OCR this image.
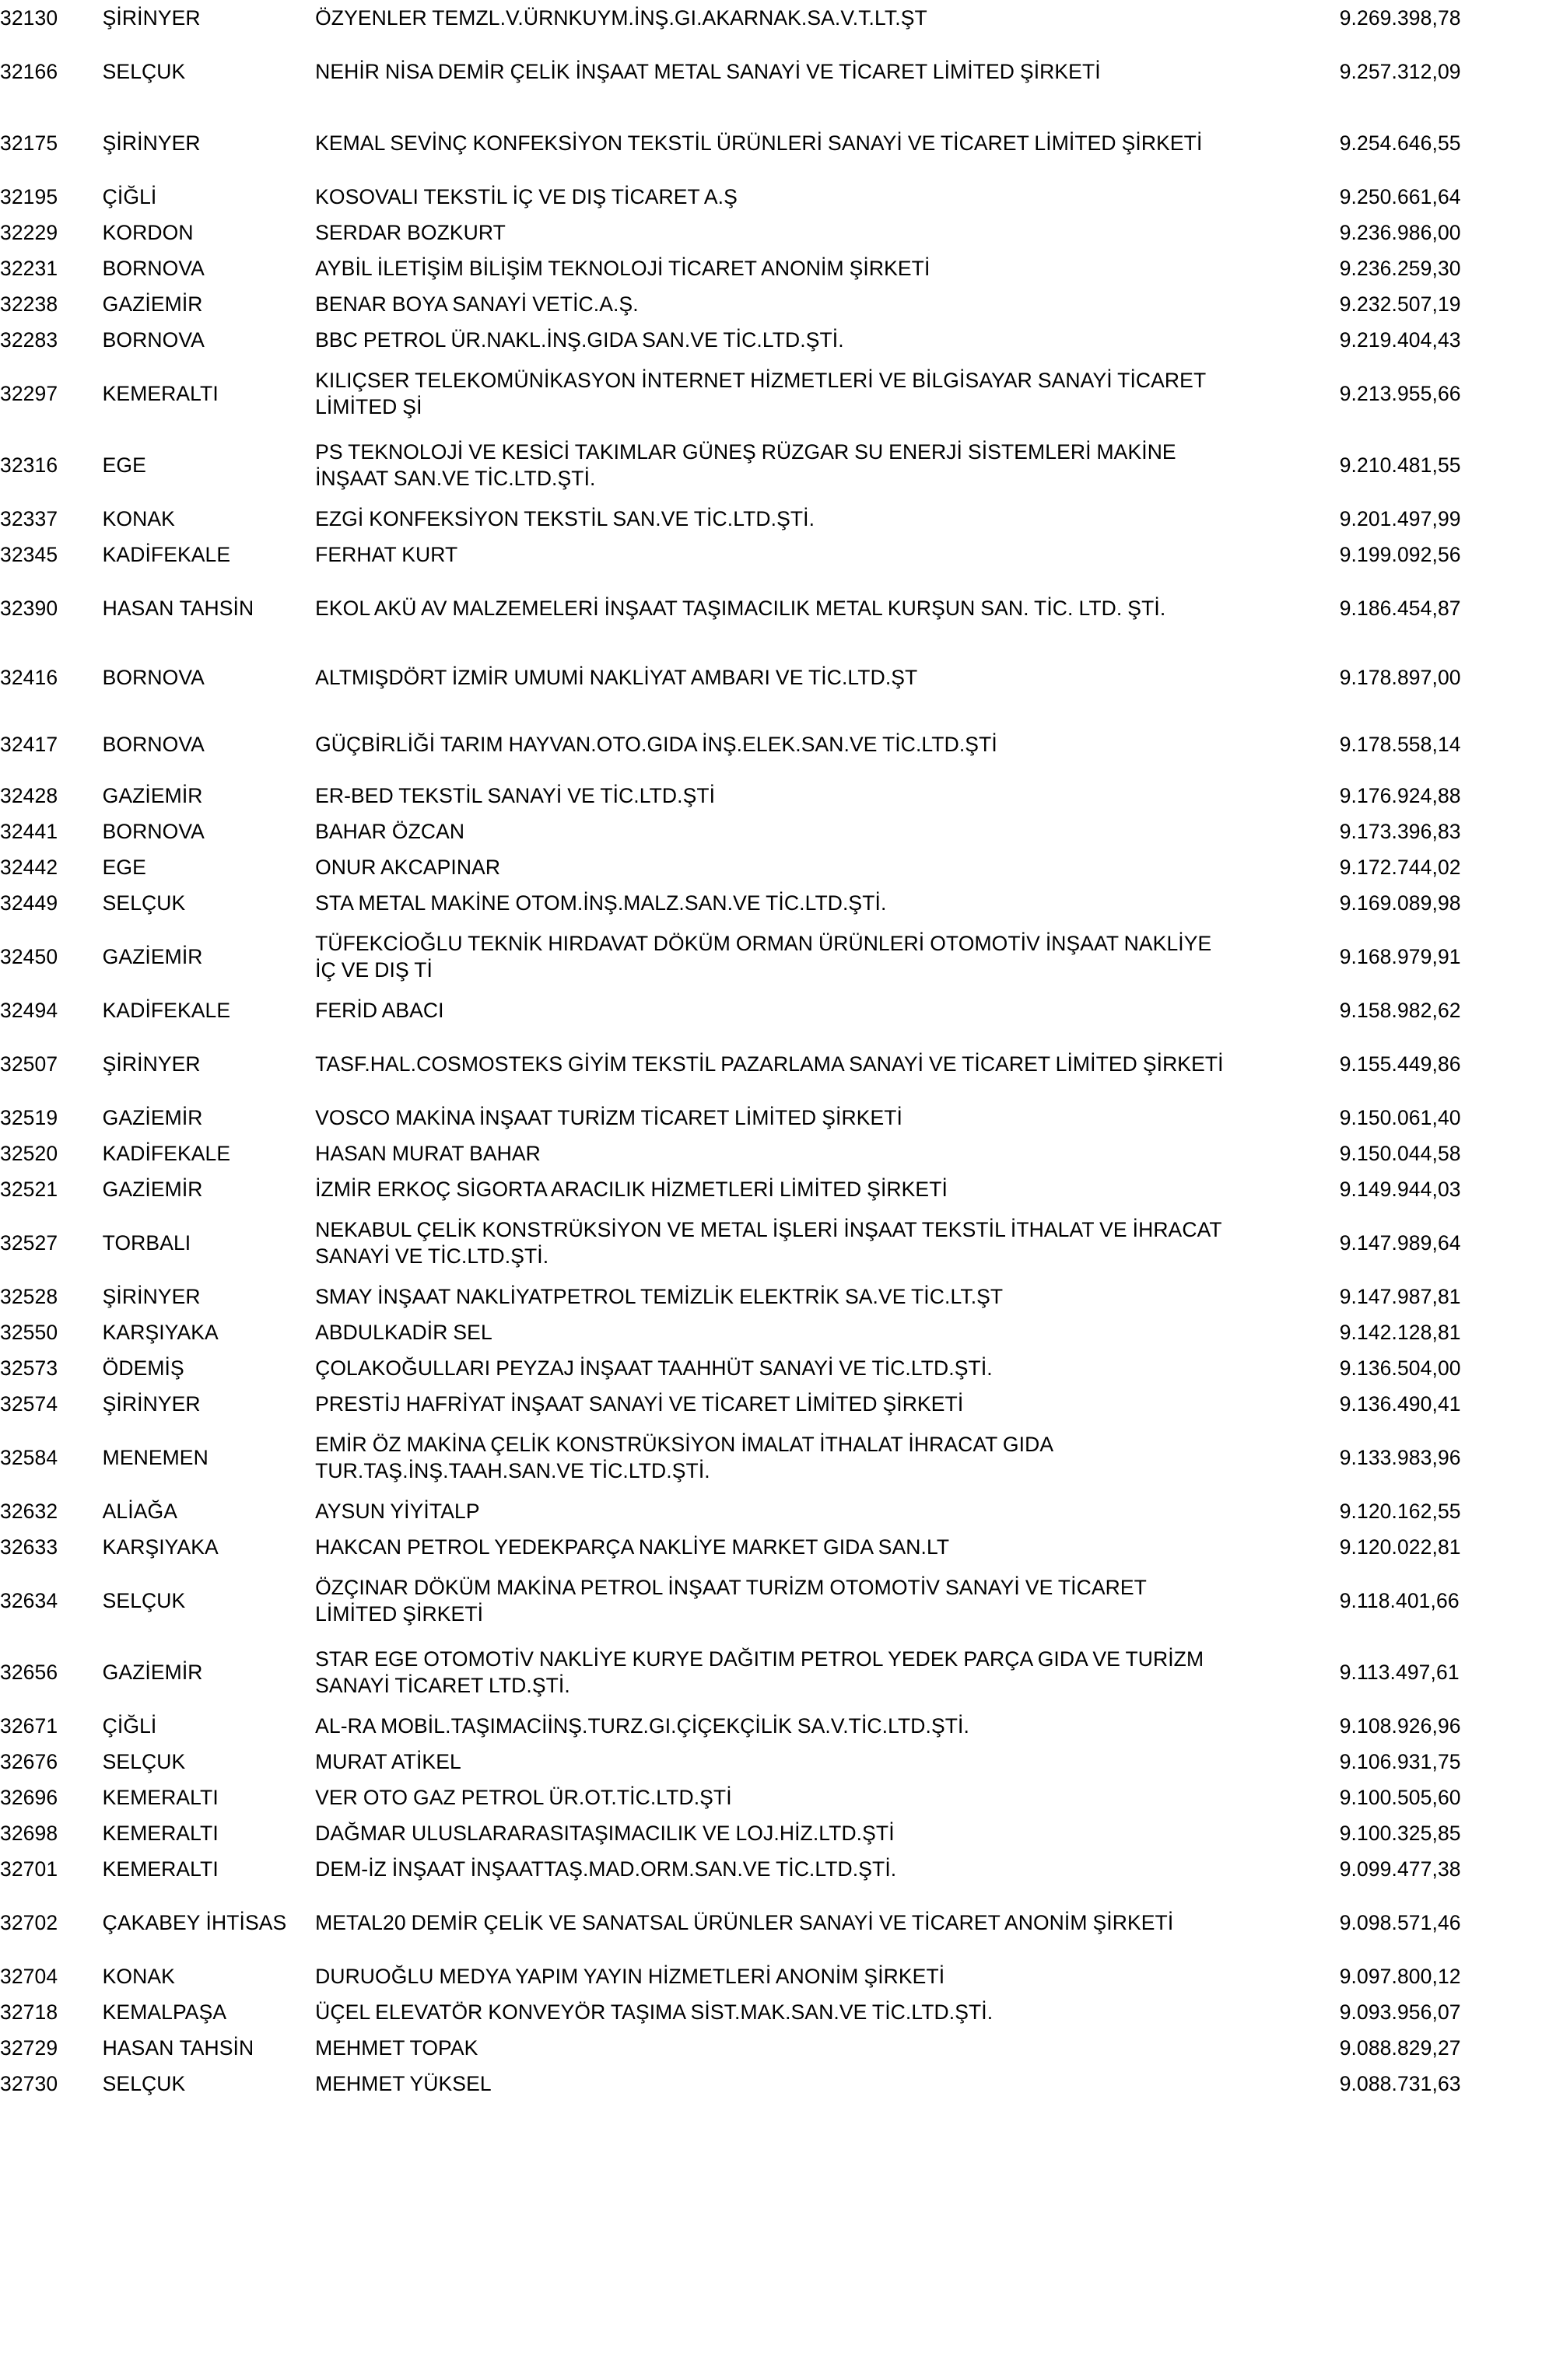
32130	ŞİRİNYER	ÖZYENLER TEMZL.V.ÜRNKUYM.İNŞ.GI.AKARNAK.SA.V.T.LT.ŞT	9.269.398,78
32166	SELÇUK	NEHİR NİSA DEMİR ÇELİK İNŞAAT METAL SANAYİ VE TİCARET LİMİTED ŞİRKETİ	9.257.312,09
32175	ŞİRİNYER	KEMAL SEVİNÇ KONFEKSİYON TEKSTİL ÜRÜNLERİ SANAYİ VE TİCARET LİMİTED ŞİRKETİ	9.254.646,55
32195	ÇİĞLİ	KOSOVALI TEKSTİL İÇ VE DIŞ TİCARET A.Ş	9.250.661,64
32229	KORDON	SERDAR BOZKURT	9.236.986,00
32231	BORNOVA	AYBİL İLETİŞİM BİLİŞİM TEKNOLOJİ TİCARET ANONİM ŞİRKETİ	9.236.259,30
32238	GAZİEMİR	BENAR BOYA SANAYİ VETİC.A.Ş.	9.232.507,19
32283	BORNOVA	BBC PETROL ÜR.NAKL.İNŞ.GIDA SAN.VE TİC.LTD.ŞTİ.	9.219.404,43
32297	KEMERALTI	KILIÇSER TELEKOMÜNİKASYON İNTERNET HİZMETLERİ VE BİLGİSAYAR SANAYİ TİCARET LİMİTED Şİ	9.213.955,66
32316	EGE	PS TEKNOLOJİ VE KESİCİ TAKIMLAR GÜNEŞ RÜZGAR SU ENERJİ SİSTEMLERİ MAKİNE İNŞAAT SAN.VE TİC.LTD.ŞTİ.	9.210.481,55
32337	KONAK	EZGİ KONFEKSİYON TEKSTİL SAN.VE TİC.LTD.ŞTİ.	9.201.497,99
32345	KADİFEKALE	FERHAT KURT	9.199.092,56
32390	HASAN TAHSİN	EKOL AKÜ AV MALZEMELERİ İNŞAAT TAŞIMACILIK METAL KURŞUN SAN. TİC. LTD. ŞTİ.	9.186.454,87
32416	BORNOVA	ALTMIŞDÖRT İZMİR UMUMİ NAKLİYAT AMBARI VE TİC.LTD.ŞT	9.178.897,00
32417	BORNOVA	GÜÇBİRLİĞİ TARIM HAYVAN.OTO.GIDA İNŞ.ELEK.SAN.VE TİC.LTD.ŞTİ	9.178.558,14
32428	GAZİEMİR	ER-BED TEKSTİL SANAYİ VE TİC.LTD.ŞTİ	9.176.924,88
32441	BORNOVA	BAHAR ÖZCAN	9.173.396,83
32442	EGE	ONUR AKCAPINAR	9.172.744,02
32449	SELÇUK	STA METAL MAKİNE OTOM.İNŞ.MALZ.SAN.VE TİC.LTD.ŞTİ.	9.169.089,98
32450	GAZİEMİR	TÜFEKCİOĞLU TEKNİK HIRDAVAT DÖKÜM ORMAN ÜRÜNLERİ OTOMOTİV İNŞAAT NAKLİYE İÇ VE DIŞ Tİ	9.168.979,91
32494	KADİFEKALE	FERİD ABACI	9.158.982,62
32507	ŞİRİNYER	TASF.HAL.COSMOSTEKS GİYİM TEKSTİL PAZARLAMA SANAYİ VE TİCARET LİMİTED ŞİRKETİ	9.155.449,86
32519	GAZİEMİR	VOSCO MAKİNA İNŞAAT TURİZM TİCARET LİMİTED ŞİRKETİ	9.150.061,40
32520	KADİFEKALE	HASAN MURAT BAHAR	9.150.044,58
32521	GAZİEMİR	İZMİR ERKOÇ SİGORTA ARACILIK HİZMETLERİ LİMİTED ŞİRKETİ	9.149.944,03
32527	TORBALI	NEKABUL ÇELİK KONSTRÜKSİYON VE METAL İŞLERİ İNŞAAT TEKSTİL İTHALAT VE İHRACAT SANAYİ VE TİC.LTD.ŞTİ.	9.147.989,64
32528	ŞİRİNYER	SMAY İNŞAAT NAKLİYATPETROL TEMİZLİK ELEKTRİK SA.VE TİC.LT.ŞT	9.147.987,81
32550	KARŞIYAKA	ABDULKADİR SEL	9.142.128,81
32573	ÖDEMİŞ	ÇOLAKOĞULLARI PEYZAJ İNŞAAT TAAHHÜT SANAYİ VE TİC.LTD.ŞTİ.	9.136.504,00
32574	ŞİRİNYER	PRESTİJ HAFRİYAT İNŞAAT SANAYİ VE TİCARET LİMİTED ŞİRKETİ	9.136.490,41
32584	MENEMEN	EMİR ÖZ MAKİNA ÇELİK KONSTRÜKSİYON İMALAT İTHALAT İHRACAT GIDA TUR.TAŞ.İNŞ.TAAH.SAN.VE TİC.LTD.ŞTİ.	9.133.983,96
32632	ALİAĞA	AYSUN YİYİTALP	9.120.162,55
32633	KARŞIYAKA	HAKCAN PETROL YEDEKPARÇA NAKLİYE MARKET GIDA SAN.LT	9.120.022,81
32634	SELÇUK	ÖZÇINAR DÖKÜM MAKİNA PETROL İNŞAAT TURİZM OTOMOTİV SANAYİ VE TİCARET LİMİTED ŞİRKETİ	9.118.401,66
32656	GAZİEMİR	STAR EGE OTOMOTİV NAKLİYE KURYE DAĞITIM PETROL YEDEK PARÇA GIDA VE TURİZM SANAYİ TİCARET LTD.ŞTİ.	9.113.497,61
32671	ÇİĞLİ	AL-RA MOBİL.TAŞIMACİİNŞ.TURZ.GI.ÇİÇEKÇİLİK SA.V.TİC.LTD.ŞTİ.	9.108.926,96
32676	SELÇUK	MURAT ATİKEL	9.106.931,75
32696	KEMERALTI	VER OTO GAZ PETROL ÜR.OT.TİC.LTD.ŞTİ	9.100.505,60
32698	KEMERALTI	DAĞMAR ULUSLARARASITAŞIMACILIK VE LOJ.HİZ.LTD.ŞTİ	9.100.325,85
32701	KEMERALTI	DEM-İZ İNŞAAT İNŞAATTAŞ.MAD.ORM.SAN.VE TİC.LTD.ŞTİ.	9.099.477,38
32702	ÇAKABEY İHTİSAS	METAL20 DEMİR ÇELİK VE SANATSAL ÜRÜNLER SANAYİ VE TİCARET ANONİM ŞİRKETİ	9.098.571,46
32704	KONAK	DURUOĞLU MEDYA YAPIM YAYIN HİZMETLERİ ANONİM ŞİRKETİ	9.097.800,12
32718	KEMALPAŞA	ÜÇEL ELEVATÖR KONVEYÖR TAŞIMA SİST.MAK.SAN.VE TİC.LTD.ŞTİ.	9.093.956,07
32729	HASAN TAHSİN	MEHMET TOPAK	9.088.829,27
32730	SELÇUK	MEHMET YÜKSEL	9.088.731,63
